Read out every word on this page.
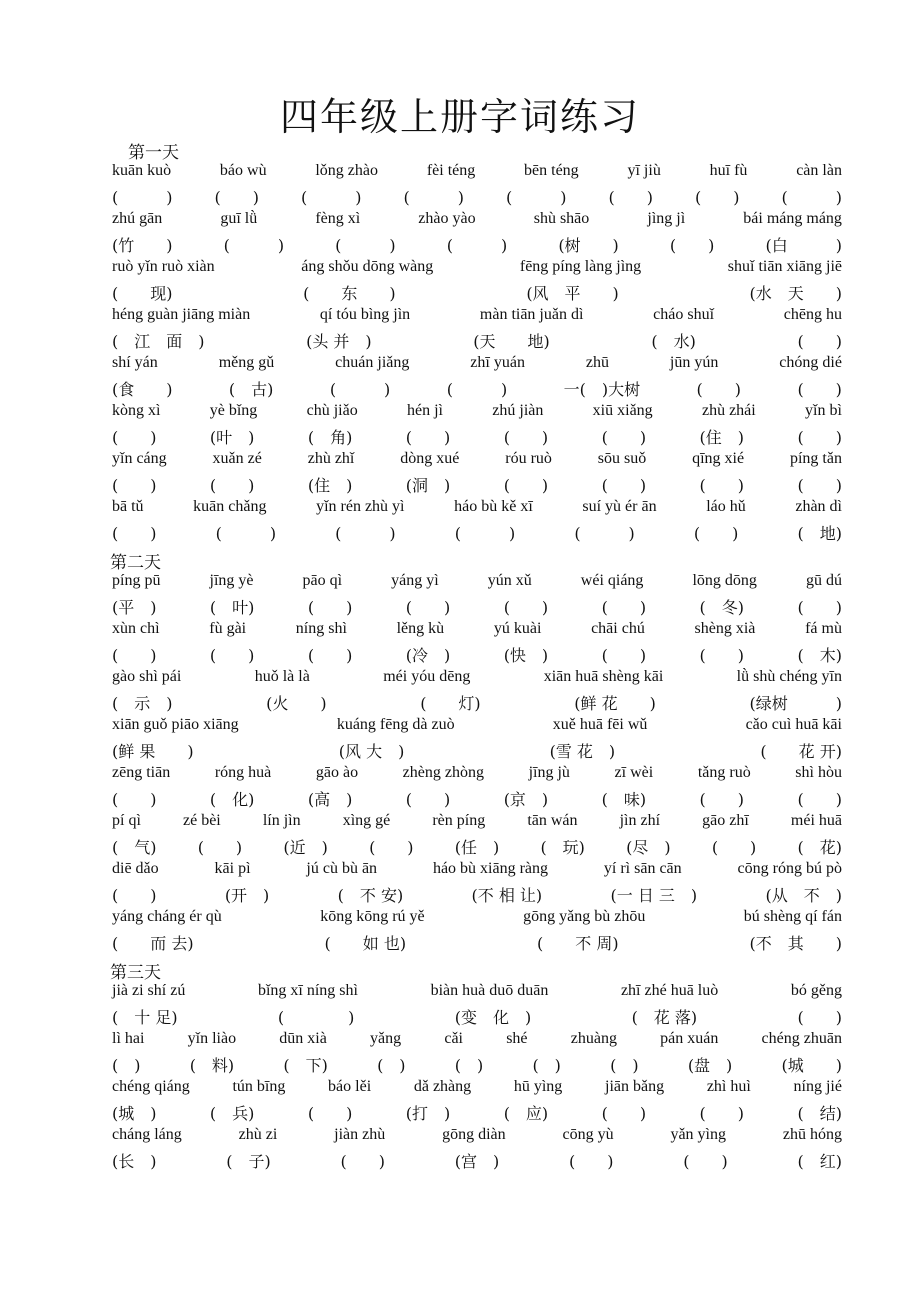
四年级上册字词练习
第一天
kuān kuò	báo wù	lǒng zhào	fèi téng	bēn téng	yī jiù	huī fù	càn làn
(　　　)	(　　)	(　　　)	(　　　)	(　　　)	(　　)	(　　)	(　　　)
zhú gān	guī lǜ	fèng xì	zhào yào	shù shāo	jìng jì	bái máng máng
(竹　　)	(　　　)	(　　　)	(　　　)	(树　　)	(　　)	(白　　　)
ruò yǐn ruò xiàn	áng shǒu dōng wàng	fēng píng làng jìng	shuǐ tiān xiāng jiē
(　　现)	(　　东　　)	(风　平　　)	(水　天　　)
héng guàn jiāng miàn	qí tóu bìng jìn	màn tiān juǎn dì	cháo shuǐ	chēng hu
(　江　面　)	(头 并　)	(天　　地)	(　水)	(　　)
shí yán	měng gǔ	chuán jiǎng	zhī yuán	zhū	jūn yún	chóng dié
(食　　)	(　古)	(　　　)	(　　　)	一(　)大树	(　　)	(　　)
kòng xì	yè bǐng	chù jiǎo	hén jì	zhú jiàn	xiū xiǎng	zhù zhái	yǐn bì
(　　)	(叶　)	(　角)	(　　)	(　　)	(　　)	(住　)	(　　)
yǐn cáng	xuǎn zé	zhù zhǐ	dòng xué	róu ruò	sōu suǒ	qīng xié	píng tǎn
(　　)	(　　)	(住　)	(洞　)	(　　)	(　　)	(　　)	(　　)
bā tǔ	kuān chǎng	yǐn rén zhù yì	háo bù kě xī	suí yù ér ān	láo hǔ	zhàn dì
(　　)	(　　　)	(　　　)	(　　　)	(　　　)	(　　)	(　地)
第二天
píng pū	jīng yè	pāo qì	yáng yì	yún xǔ	wéi qiáng	lōng dōng	gū dú
(平　)	(　叶)	(　　)	(　　)	(　　)	(　　)	(　冬)	(　　)
xùn chì	fù gài	níng shì	lěng kù	yú kuài	chāi chú	shèng xià	fá mù
(　　)	(　　)	(　　)	(冷　)	(快　)	(　　)	(　　)	(　木)
gào shì pái	huǒ là là	méi yóu dēng	xiān huā shèng kāi	lǜ shù chéng yīn
(　示　)	(火　　)	(　　灯)	(鲜 花　　)	(绿树　　　)
xiān guǒ piāo xiāng	kuáng fēng dà zuò	xuě huā fēi wǔ	cǎo cuì huā kāi
(鲜 果　　)	(风 大　)	(雪 花　)	(　　花 开)
zēng tiān	róng huà	gāo ào	zhèng zhòng	jīng jù	zī wèi	tǎng ruò	shì hòu
(　　)	(　化)	(高　)	(　　)	(京　)	(　味)	(　　)	(　　)
pí qì	zé bèi	lín jìn	xìng gé	rèn píng	tān wán	jìn zhí	gāo zhī	méi huā
(　气)	(　　)	(近　)	(　　)	(任　)	(　玩)	(尽　)	(　　)	(　花)
diē dǎo	kāi pì	jú cù bù ān	háo bù xiāng ràng	yí rì sān cān	cōng róng bú pò
(　　)	(开　)	(　不 安)	(不 相 让)	(一 日 三　)	(从　不　)
yáng cháng ér qù	kōng kōng rú yě	gōng yǎng bù zhōu	bú shèng qí fán
(　　而 去)	(　　如 也)	(　　不 周)	(不　其　　)
第三天
jià zi shí zú	bǐng xī níng shì	biàn huà duō duān	zhī zhé huā luò	bó gěng
(　十 足)	(　　　　)	(变　化　)	(　花 落)	(　　)
lì hai	yǐn liào	dūn xià	yǎng	cǎi	shé	zhuàng	pán xuán	chéng zhuān
(　)	(　料)	(　下)	(　)	(　)	(　)	(　)	(盘　)	(城　　)
chéng qiáng	tún bīng	báo lěi	dǎ zhàng	hū yìng	jiān bǎng	zhì huì	níng jié
(城　)	(　兵)	(　　)	(打　)	(　应)	(　　)	(　　)	(　结)
cháng láng	zhù zi	jiàn zhù	gōng diàn	cōng yù	yǎn yìng	zhū hóng
(长　)	(　子)	(　　)	(宫　)	(　　)	(　　)	(　红)
